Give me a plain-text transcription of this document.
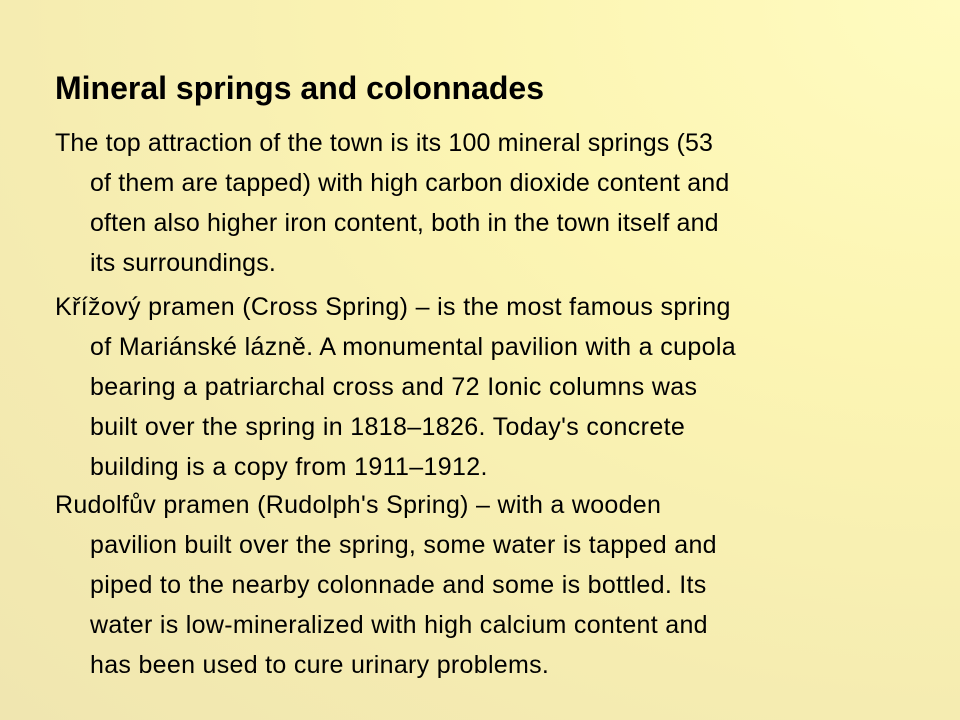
Mineral springs and colonnades

The top attraction of the town is its 100 mineral springs (53
of them are tapped) with high carbon dioxide content and
often also higher iron content, both in the town itself and
its surroundings.

Křížový pramen (Cross Spring) – is the most famous spring
of Mariánské lázně. A monumental pavilion with a cupola
bearing a patriarchal cross and 72 Ionic columns was
built over the spring in 1818–1826. Today's concrete
building is a copy from 1911–1912.

Rudolfův pramen (Rudolph's Spring) – with a wooden
pavilion built over the spring, some water is tapped and
piped to the nearby colonnade and some is bottled. Its
water is low-mineralized with high calcium content and
has been used to cure urinary problems.
